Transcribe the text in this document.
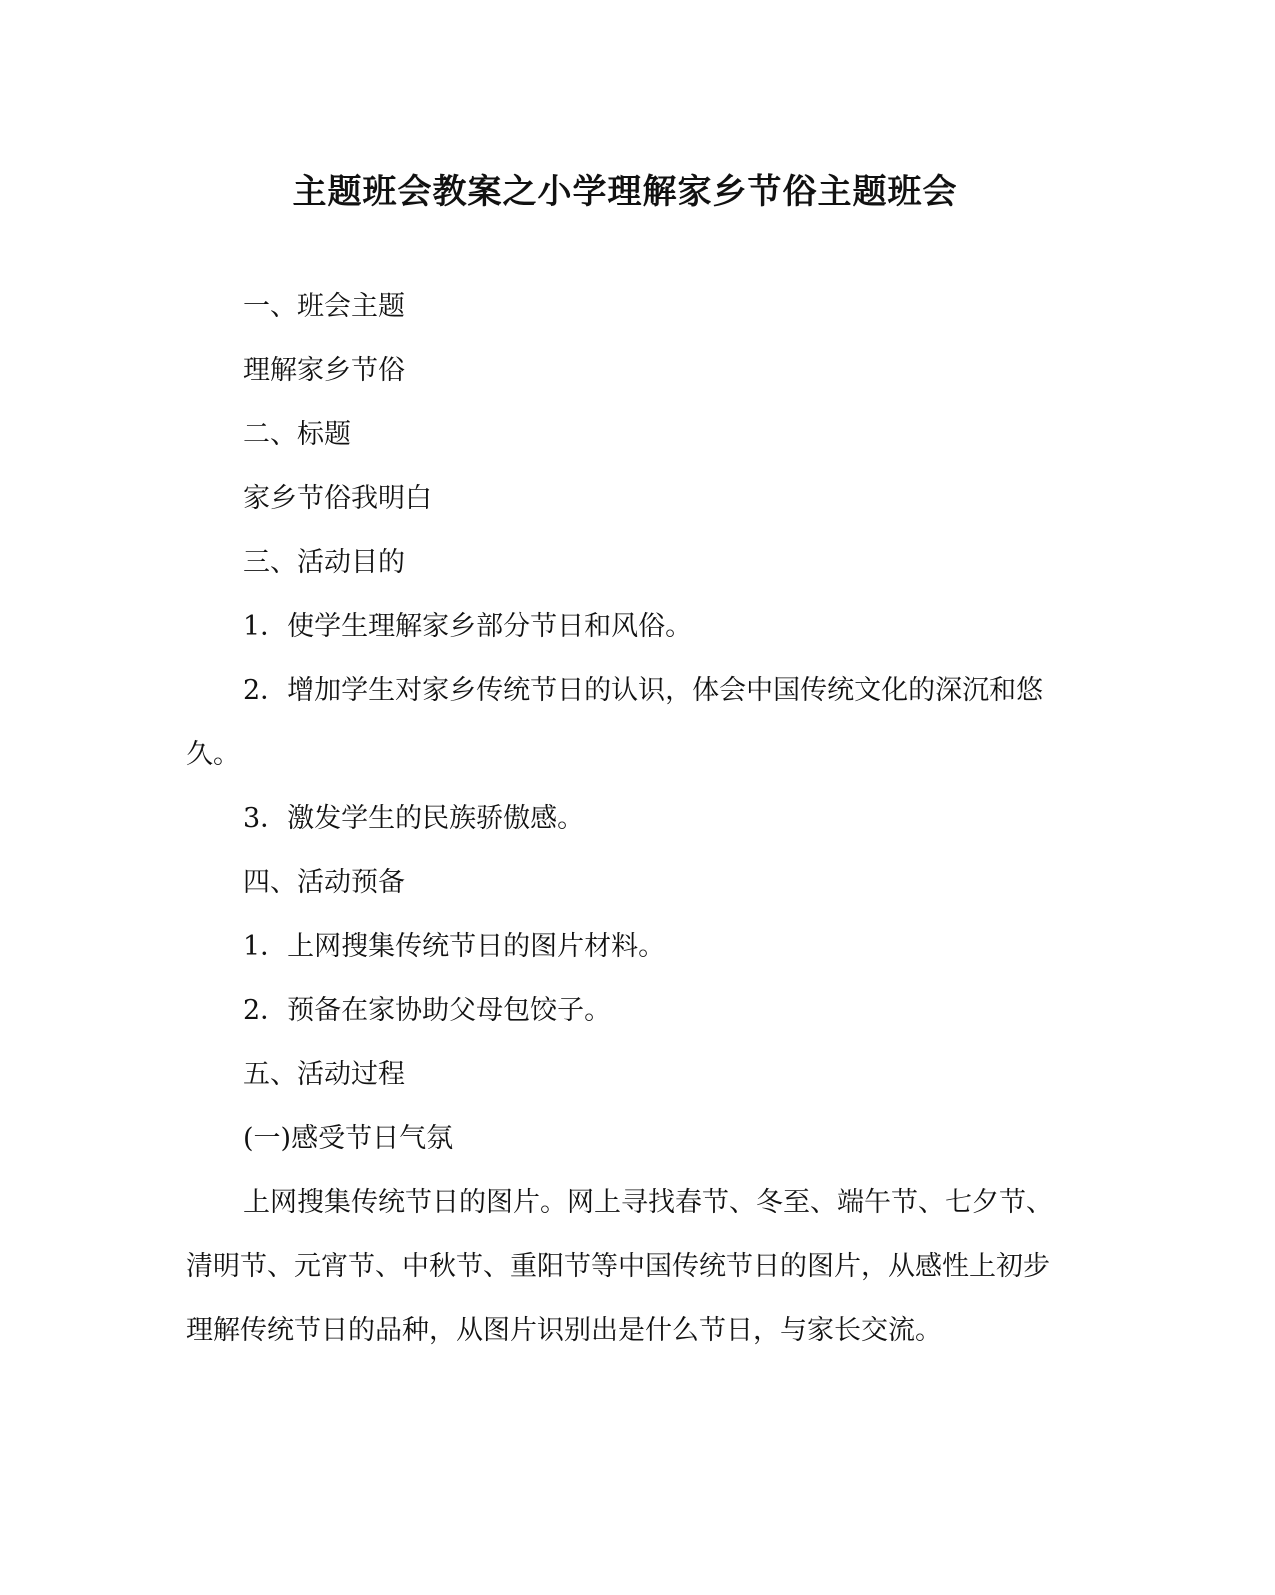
主题班会教案之小学理解家乡节俗主题班会

一、班会主题

理解家乡节俗

二、标题

家乡节俗我明白

三、活动目的

1．使学生理解家乡部分节日和风俗。

2．增加学生对家乡传统节日的认识，体会中国传统文化的深沉和悠久。

3．激发学生的民族骄傲感。

四、活动预备

1．上网搜集传统节日的图片材料。

2．预备在家协助父母包饺子。

五、活动过程

(一)感受节日气氛

上网搜集传统节日的图片。网上寻找春节、冬至、端午节、七夕节、清明节、元宵节、中秋节、重阳节等中国传统节日的图片，从感性上初步理解传统节日的品种，从图片识别出是什么节日，与家长交流。
